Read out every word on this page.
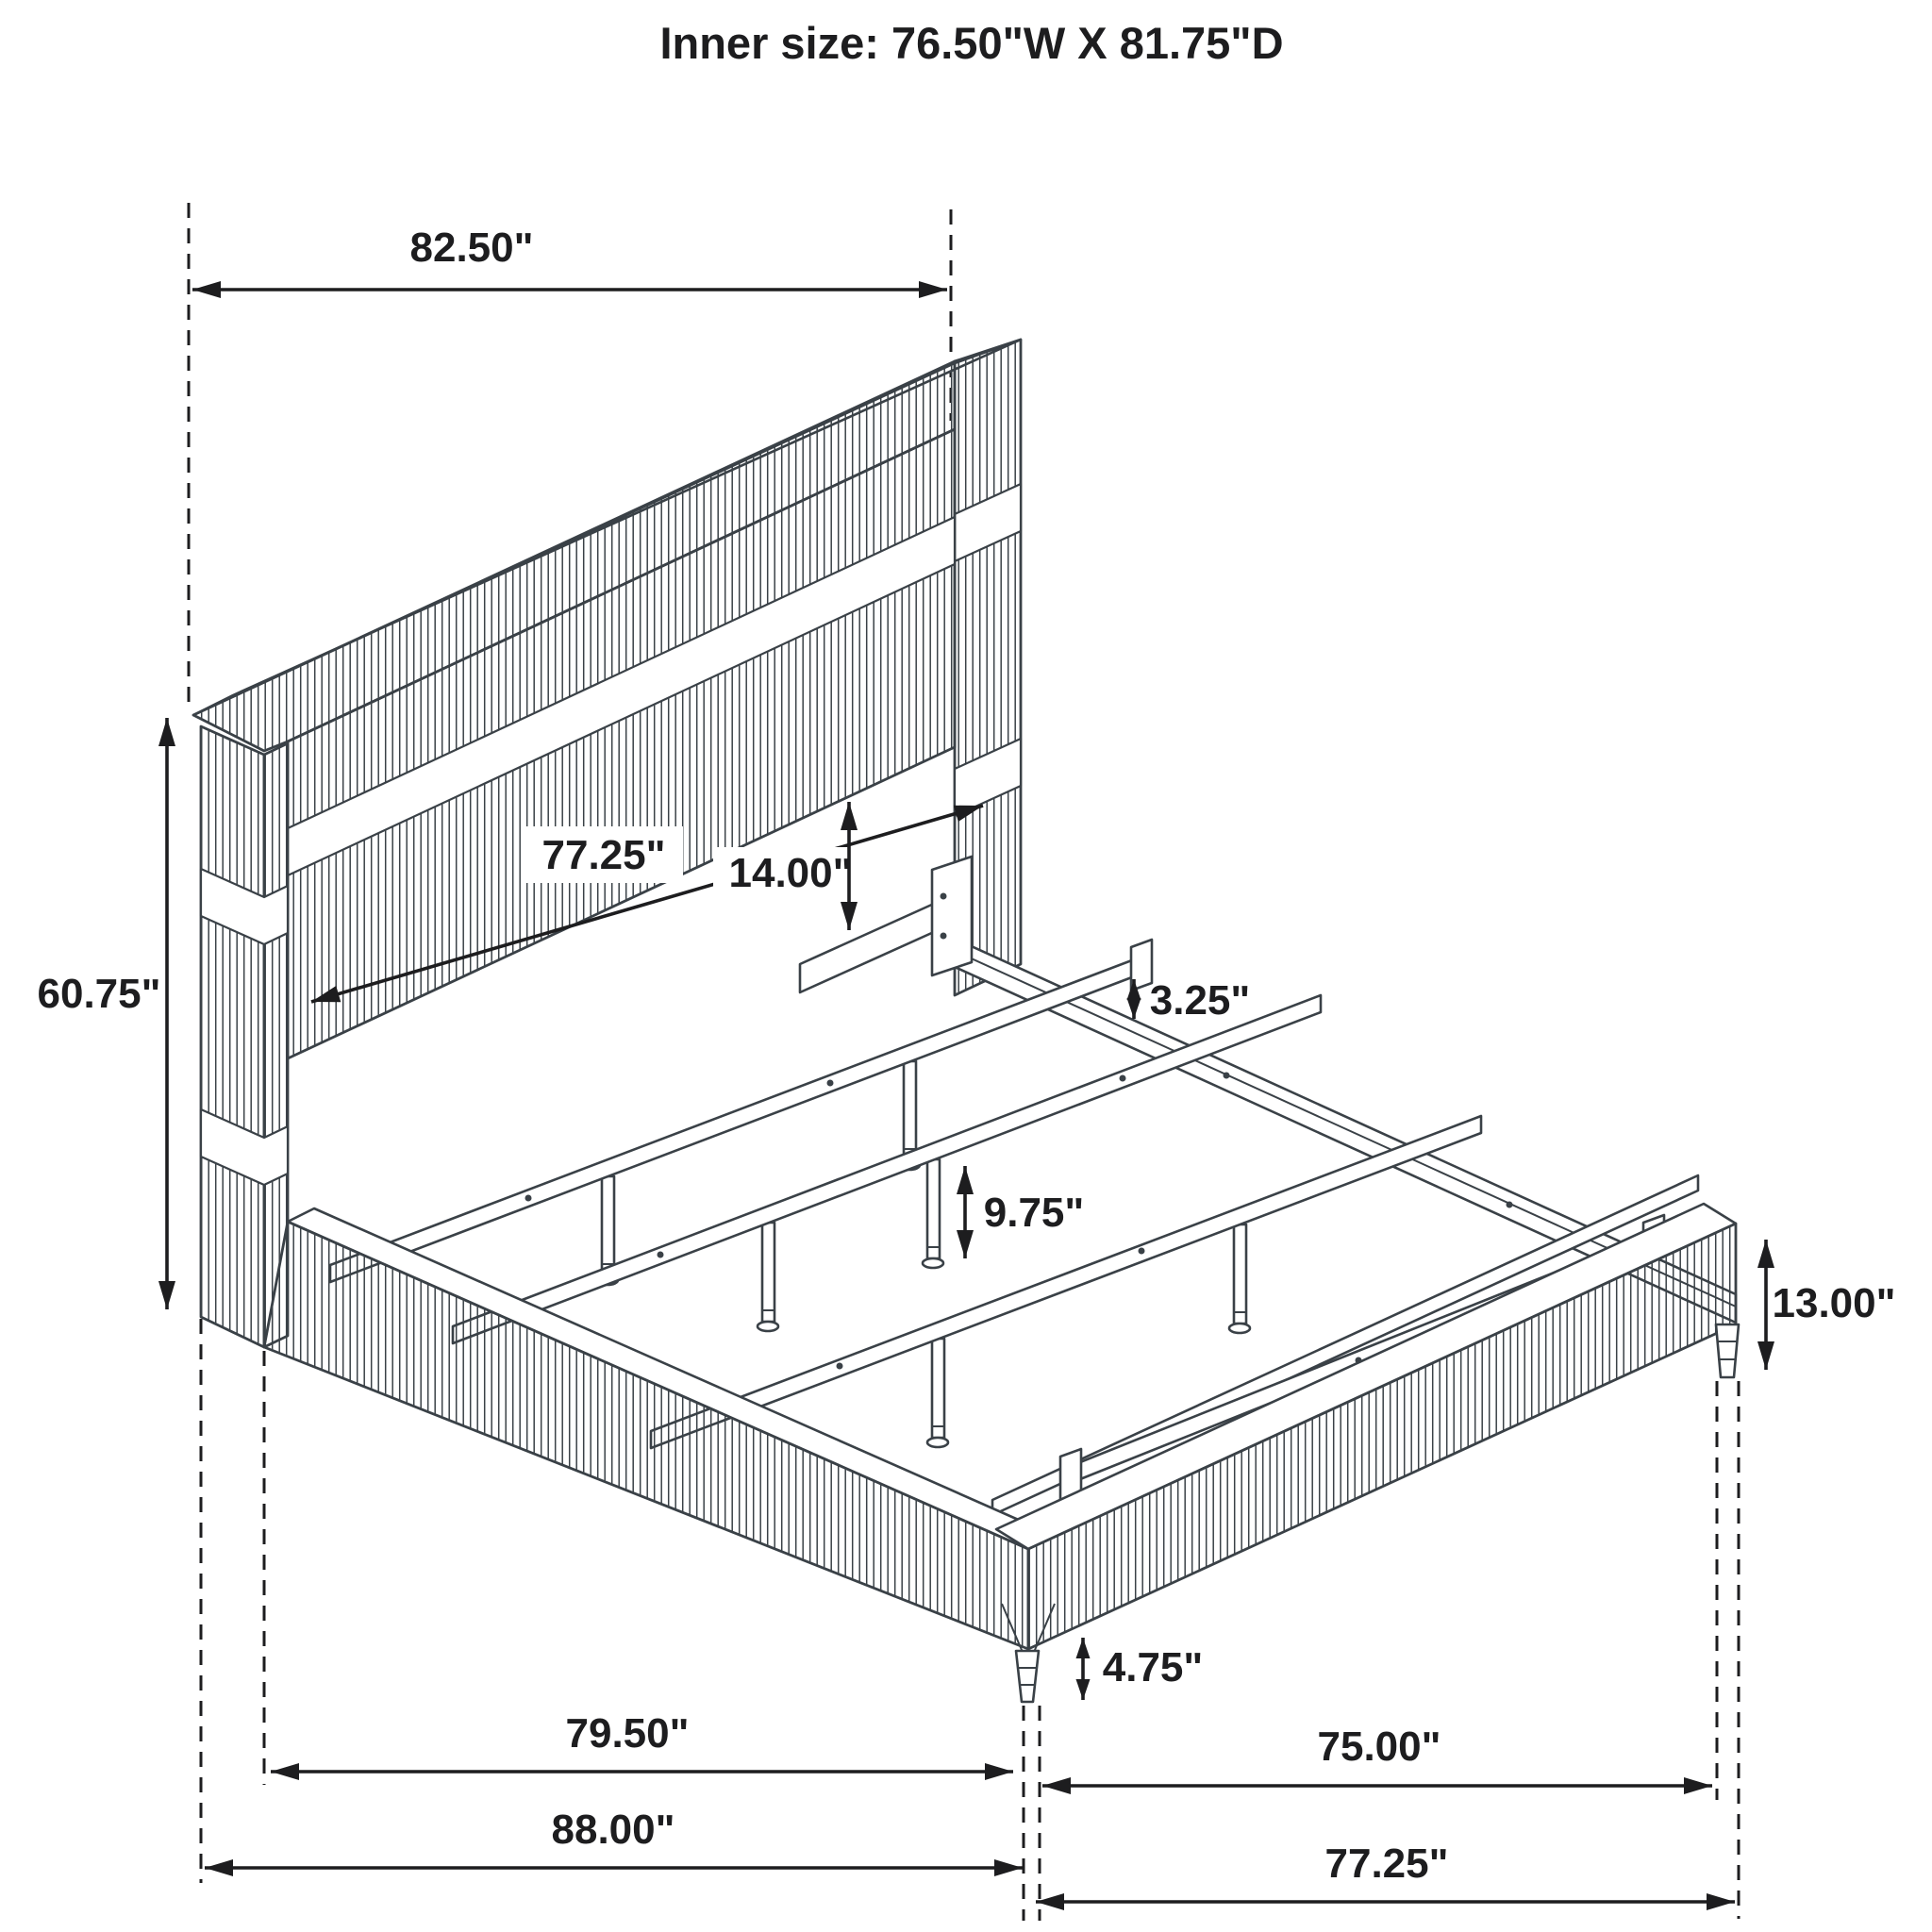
Inner size: 76.50"W X 81.75"D
82.50"
60.75"
77.25" 14.00"
3.25"
9.75"
13.00"
4.75"
79.50"
88.00"
75.00"
77.25"
